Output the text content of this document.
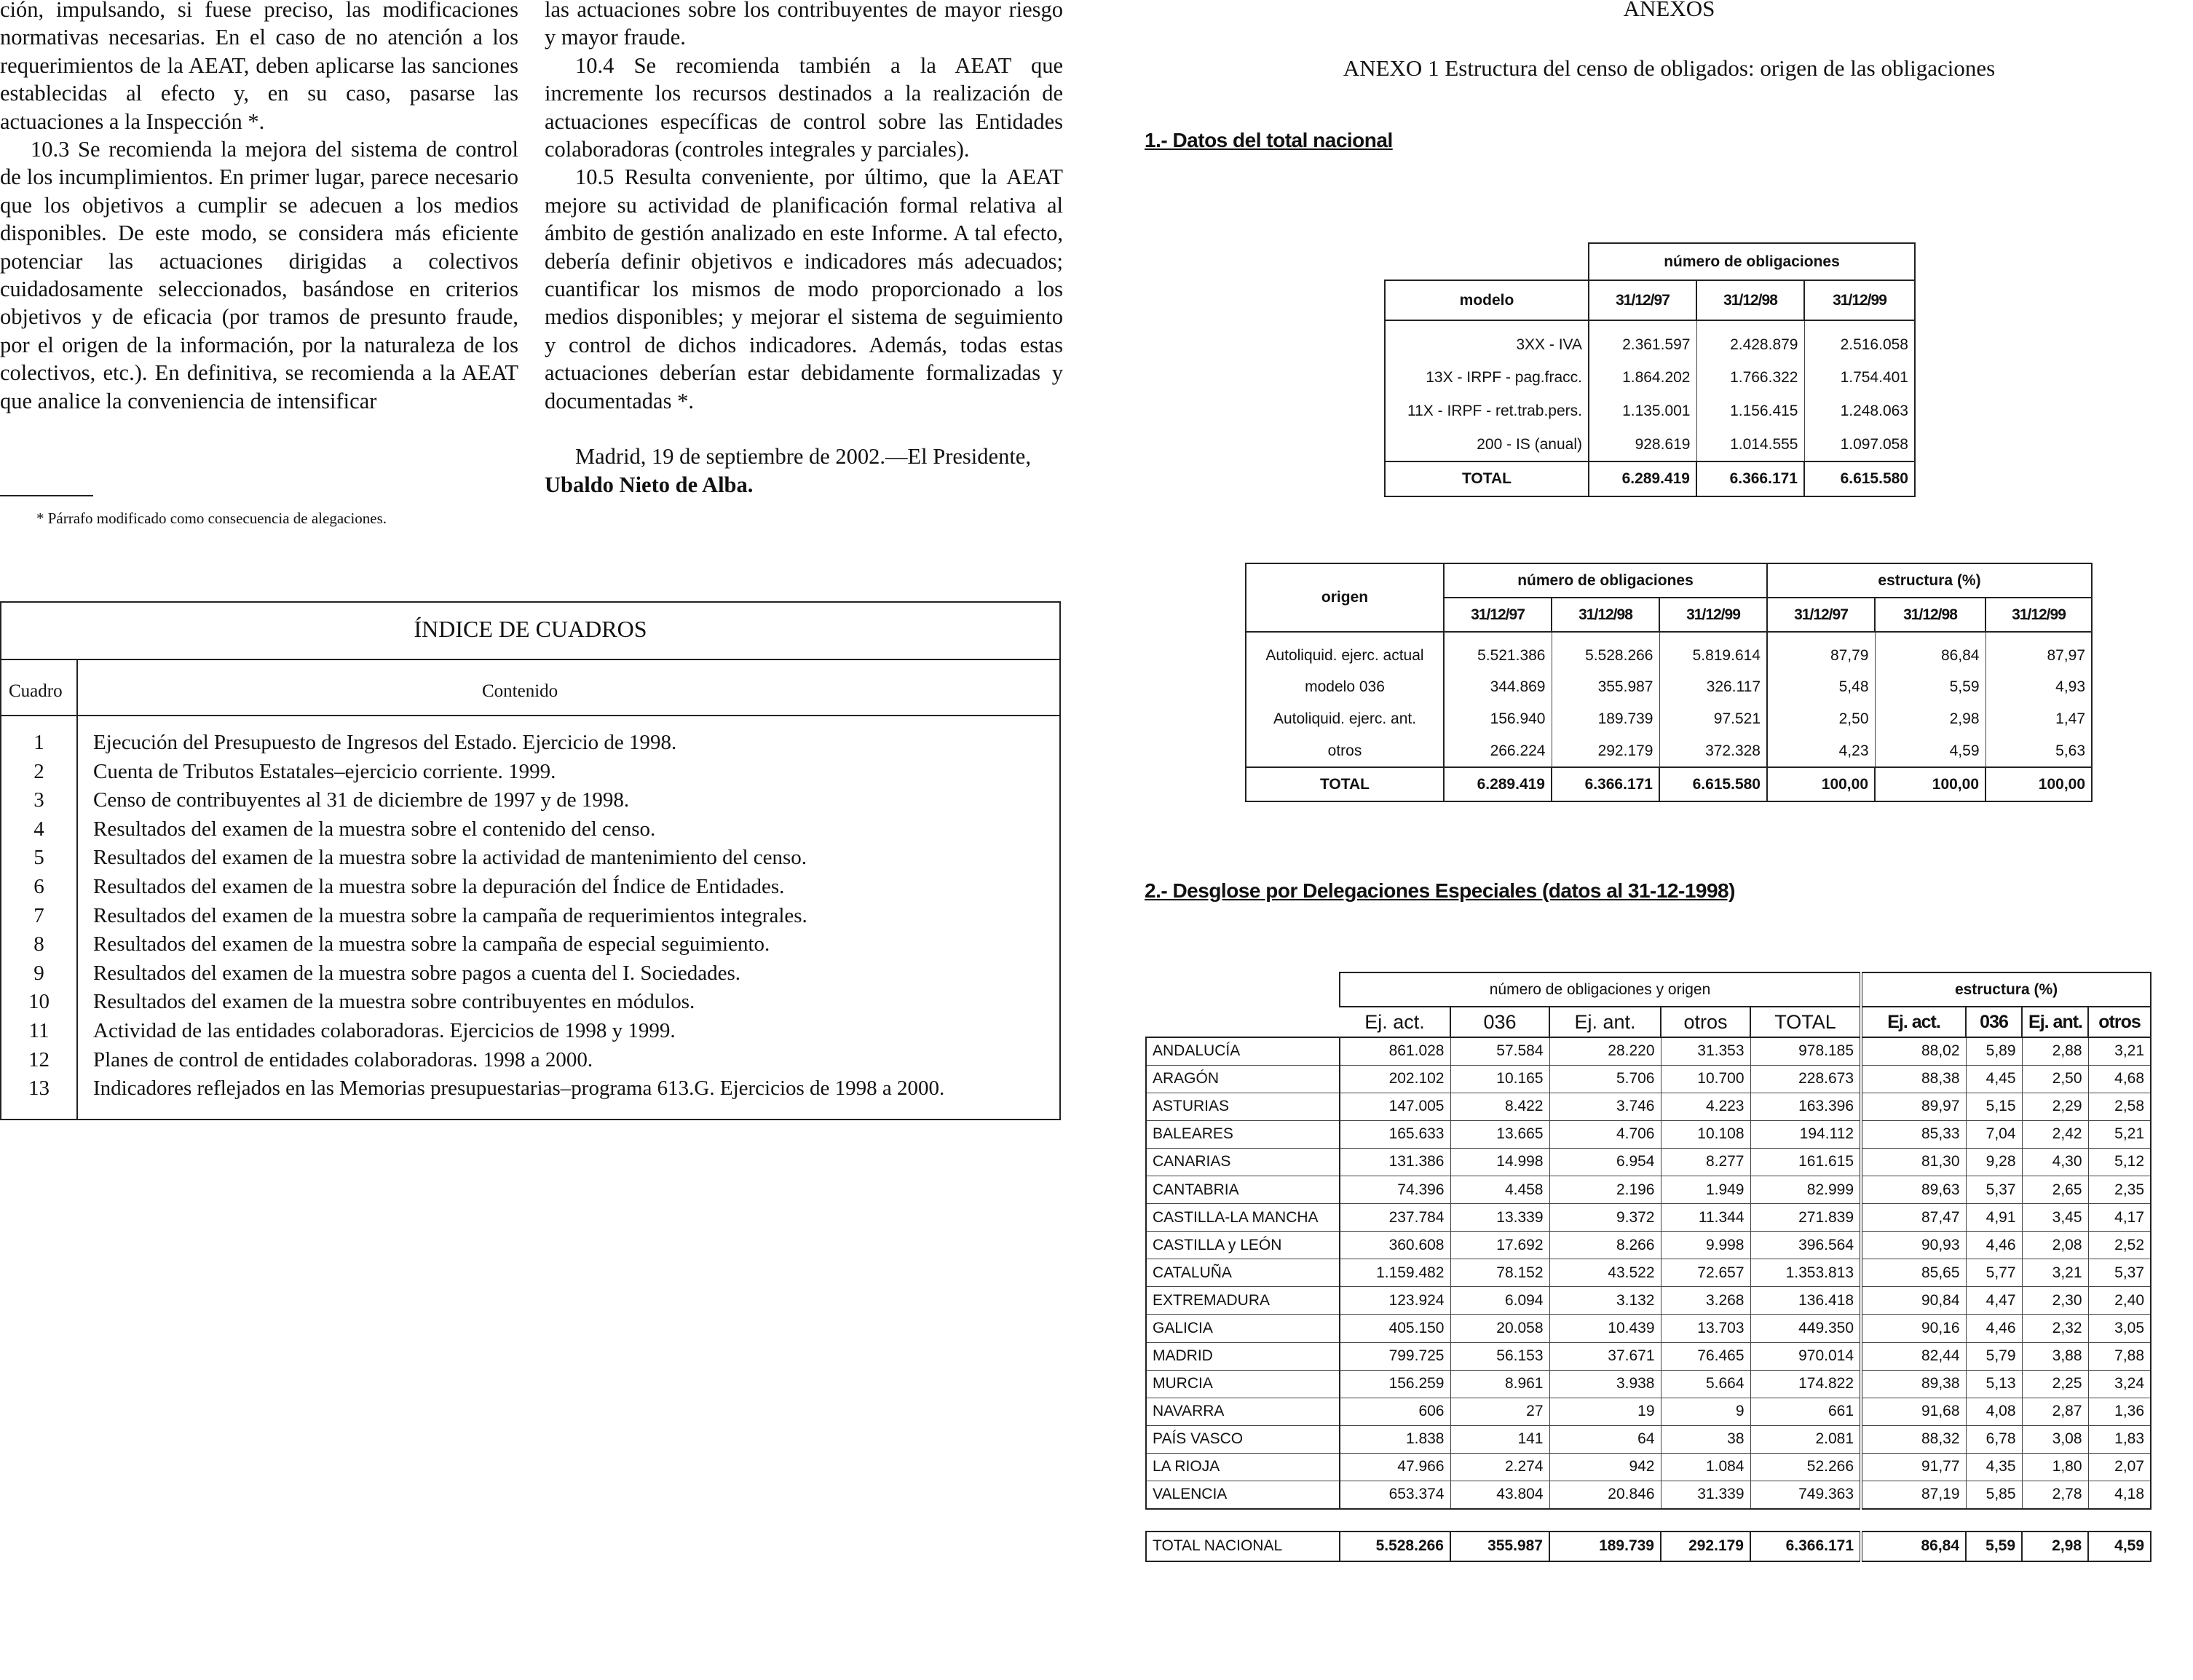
ción, impulsando, si fuese preciso, las modificaciones normativas necesarias. En el caso de no atención a los requerimientos de la AEAT, deben aplicarse las sanciones establecidas al efecto y, en su caso, pasarse las actuaciones a la Inspección *.

10.3 Se recomienda la mejora del sistema de control de los incumplimientos. En primer lugar, parece necesario que los objetivos a cumplir se adecuen a los medios disponibles. De este modo, se considera más eficiente potenciar las actuaciones dirigidas a colectivos cuidadosamente seleccionados, basándose en criterios objetivos y de eficacia (por tramos de presunto fraude, por el origen de la información, por la naturaleza de los colectivos, etc.). En definitiva, se recomienda a la AEAT que analice la conveniencia de intensificar

* Párrafo modificado como consecuencia de alegaciones.

las actuaciones sobre los contribuyentes de mayor riesgo y mayor fraude.

10.4 Se recomienda también a la AEAT que incremente los recursos destinados a la realización de actuaciones específicas de control sobre las Entidades colaboradoras (controles integrales y parciales).

10.5 Resulta conveniente, por último, que la AEAT mejore su actividad de planificación formal relativa al ámbito de gestión analizado en este Informe. A tal efecto, debería definir objetivos e indicadores más adecuados; cuantificar los mismos de modo proporcionado a los medios disponibles; y mejorar el sistema de seguimiento y control de dichos indicadores. Además, todas estas actuaciones deberían estar debidamente formalizadas y documentadas *.

Madrid, 19 de septiembre de 2002.—El Presidente,

Ubaldo Nieto de Alba.

ÍNDICE DE CUADROS
Cuadro	Contenido
1	Ejecución del Presupuesto de Ingresos del Estado. Ejercicio de 1998.
2	Cuenta de Tributos Estatales–ejercicio corriente. 1999.
3	Censo de contribuyentes al 31 de diciembre de 1997 y de 1998.
4	Resultados del examen de la muestra sobre el contenido del censo.
5	Resultados del examen de la muestra sobre la actividad de mantenimiento del censo.
6	Resultados del examen de la muestra sobre la depuración del Índice de Entidades.
7	Resultados del examen de la muestra sobre la campaña de requerimientos integrales.
8	Resultados del examen de la muestra sobre la campaña de especial seguimiento.
9	Resultados del examen de la muestra sobre pagos a cuenta del I. Sociedades.
10	Resultados del examen de la muestra sobre contribuyentes en módulos.
11	Actividad de las entidades colaboradoras. Ejercicios de 1998 y 1999.
12	Planes de control de entidades colaboradoras. 1998 a 2000.
13	Indicadores reflejados en las Memorias presupuestarias–programa 613.G. Ejercicios de 1998 a 2000.
ANEXOS
ANEXO 1 Estructura del censo de obligados: origen de las obligaciones
1.- Datos del total nacional
2.- Desglose por Delegaciones Especiales (datos al 31-12-1998)
	número de obligaciones		
modelo	31/12/97	31/12/98	31/12/99
3XX - IVA	2.361.597	2.428.879	2.516.058
13X - IRPF - pag.fracc.	1.864.202	1.766.322	1.754.401
11X - IRPF - ret.trab.pers.	1.135.001	1.156.415	1.248.063
200 - IS (anual)	928.619	1.014.555	1.097.058
TOTAL	6.289.419	6.366.171	6.615.580
origen	número de obligaciones			estructura (%)		
	31/12/97	31/12/98	31/12/99	31/12/97	31/12/98	31/12/99
Autoliquid. ejerc. actual	5.521.386	5.528.266	5.819.614	87,79	86,84	87,97
modelo 036	344.869	355.987	326.117	5,48	5,59	4,93
Autoliquid. ejerc. ant.	156.940	189.739	97.521	2,50	2,98	1,47
otros	266.224	292.179	372.328	4,23	4,59	5,63
TOTAL	6.289.419	6.366.171	6.615.580	100,00	100,00	100,00
	número de obligaciones y origen					estructura (%)			
	Ej. act.	036	Ej. ant.	otros	TOTAL	Ej. act.	036	Ej. ant.	otros
ANDALUCÍA	861.028	57.584	28.220	31.353	978.185	88,02	5,89	2,88	3,21
ARAGÓN	202.102	10.165	5.706	10.700	228.673	88,38	4,45	2,50	4,68
ASTURIAS	147.005	8.422	3.746	4.223	163.396	89,97	5,15	2,29	2,58
BALEARES	165.633	13.665	4.706	10.108	194.112	85,33	7,04	2,42	5,21
CANARIAS	131.386	14.998	6.954	8.277	161.615	81,30	9,28	4,30	5,12
CANTABRIA	74.396	4.458	2.196	1.949	82.999	89,63	5,37	2,65	2,35
CASTILLA-LA MANCHA	237.784	13.339	9.372	11.344	271.839	87,47	4,91	3,45	4,17
CASTILLA y LEÓN	360.608	17.692	8.266	9.998	396.564	90,93	4,46	2,08	2,52
CATALUÑA	1.159.482	78.152	43.522	72.657	1.353.813	85,65	5,77	3,21	5,37
EXTREMADURA	123.924	6.094	3.132	3.268	136.418	90,84	4,47	2,30	2,40
GALICIA	405.150	20.058	10.439	13.703	449.350	90,16	4,46	2,32	3,05
MADRID	799.725	56.153	37.671	76.465	970.014	82,44	5,79	3,88	7,88
MURCIA	156.259	8.961	3.938	5.664	174.822	89,38	5,13	2,25	3,24
NAVARRA	606	27	19	9	661	91,68	4,08	2,87	1,36
PAÍS VASCO	1.838	141	64	38	2.081	88,32	6,78	3,08	1,83
LA RIOJA	47.966	2.274	942	1.084	52.266	91,77	4,35	1,80	2,07
VALENCIA	653.374	43.804	20.846	31.339	749.363	87,19	5,85	2,78	4,18

TOTAL NACIONAL	5.528.266	355.987	189.739	292.179	6.366.171	86,84	5,59	2,98	4,59
